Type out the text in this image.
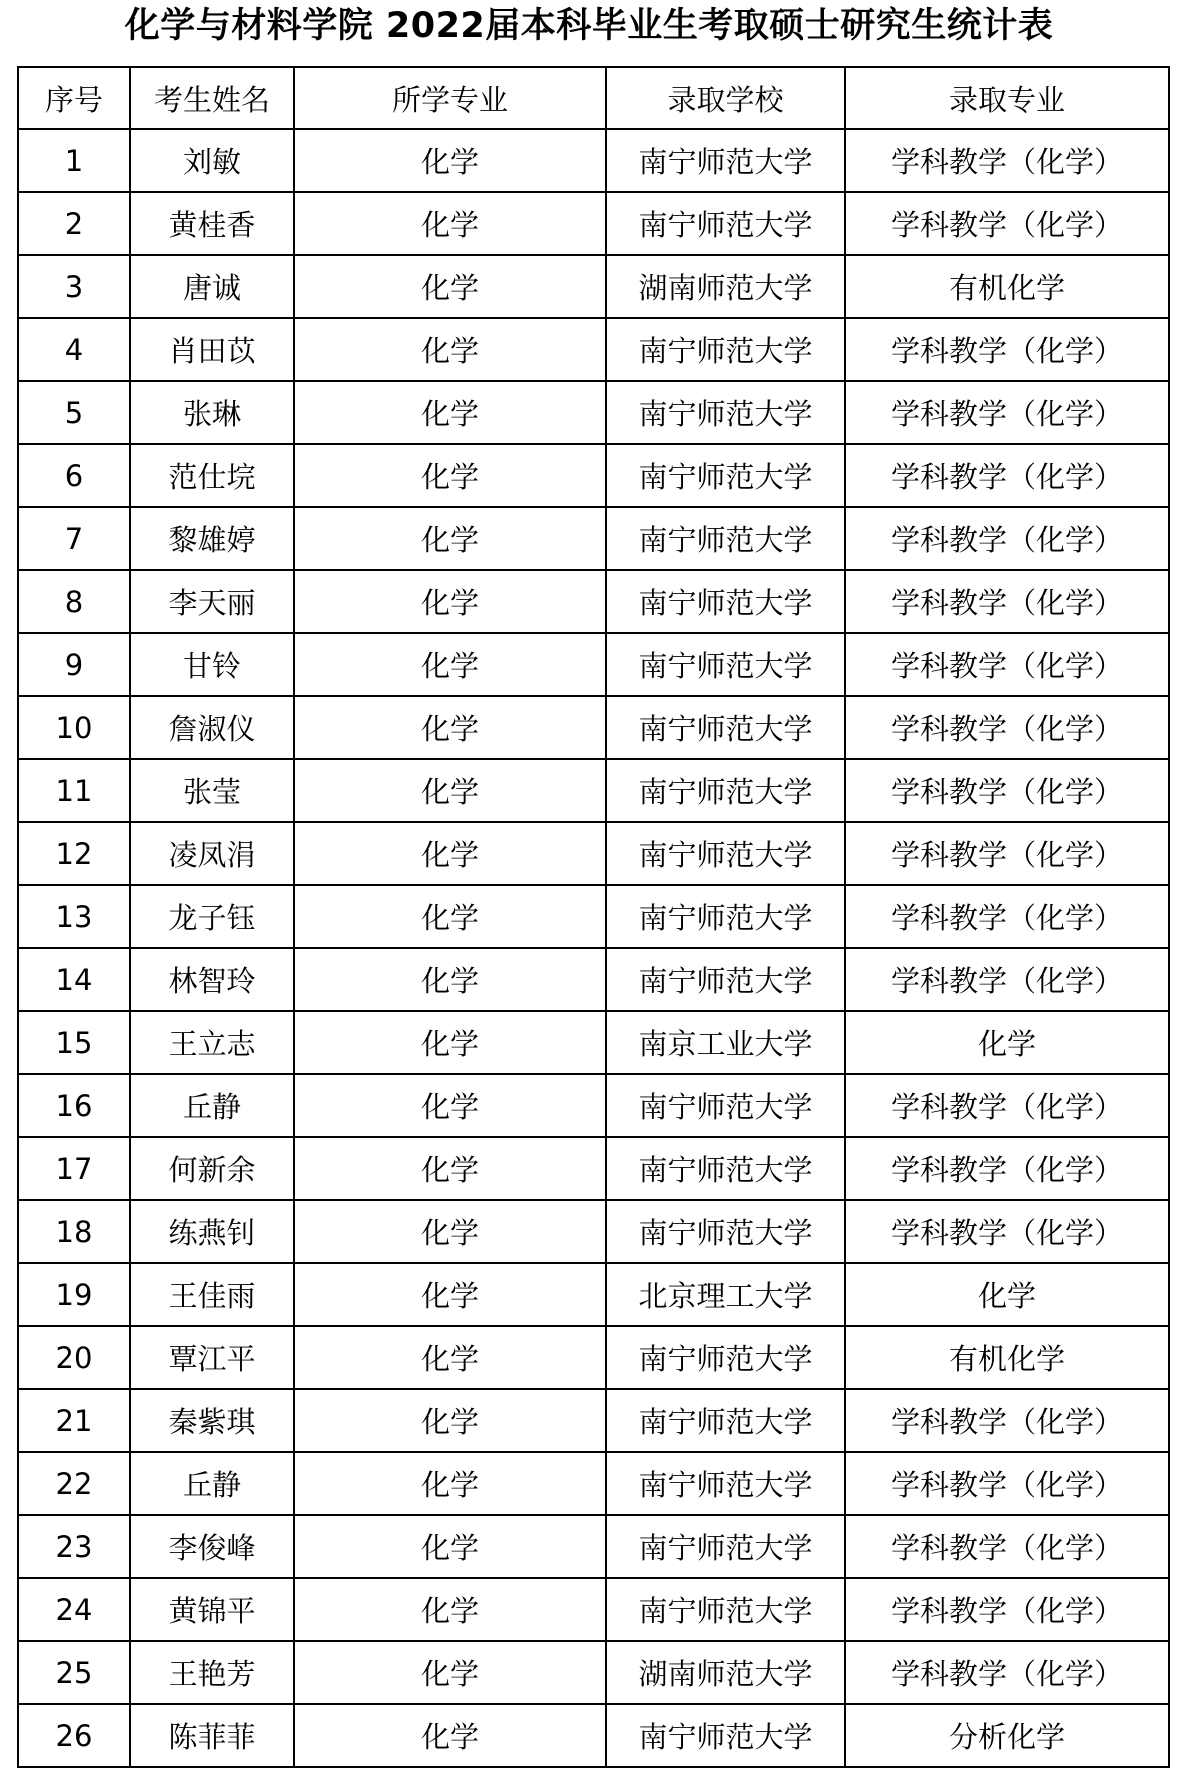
化学与材料学院 2022届本科毕业生考取硕士研究生统计表
序号	考生姓名	所学专业	录取学校	录取专业
1	刘敏	化学	南宁师范大学	学科教学（化学）
2	黄桂香	化学	南宁师范大学	学科教学（化学）
3	唐诚	化学	湖南师范大学	有机化学
4	肖田苡	化学	南宁师范大学	学科教学（化学）
5	张琳	化学	南宁师范大学	学科教学（化学）
6	范仕垸	化学	南宁师范大学	学科教学（化学）
7	黎雄婷	化学	南宁师范大学	学科教学（化学）
8	李天丽	化学	南宁师范大学	学科教学（化学）
9	甘铃	化学	南宁师范大学	学科教学（化学）
10	詹淑仪	化学	南宁师范大学	学科教学（化学）
11	张莹	化学	南宁师范大学	学科教学（化学）
12	凌凤涓	化学	南宁师范大学	学科教学（化学）
13	龙子钰	化学	南宁师范大学	学科教学（化学）
14	林智玲	化学	南宁师范大学	学科教学（化学）
15	王立志	化学	南京工业大学	化学
16	丘静	化学	南宁师范大学	学科教学（化学）
17	何新余	化学	南宁师范大学	学科教学（化学）
18	练燕钊	化学	南宁师范大学	学科教学（化学）
19	王佳雨	化学	北京理工大学	化学
20	覃江平	化学	南宁师范大学	有机化学
21	秦紫琪	化学	南宁师范大学	学科教学（化学）
22	丘静	化学	南宁师范大学	学科教学（化学）
23	李俊峰	化学	南宁师范大学	学科教学（化学）
24	黄锦平	化学	南宁师范大学	学科教学（化学）
25	王艳芳	化学	湖南师范大学	学科教学（化学）
26	陈菲菲	化学	南宁师范大学	分析化学
